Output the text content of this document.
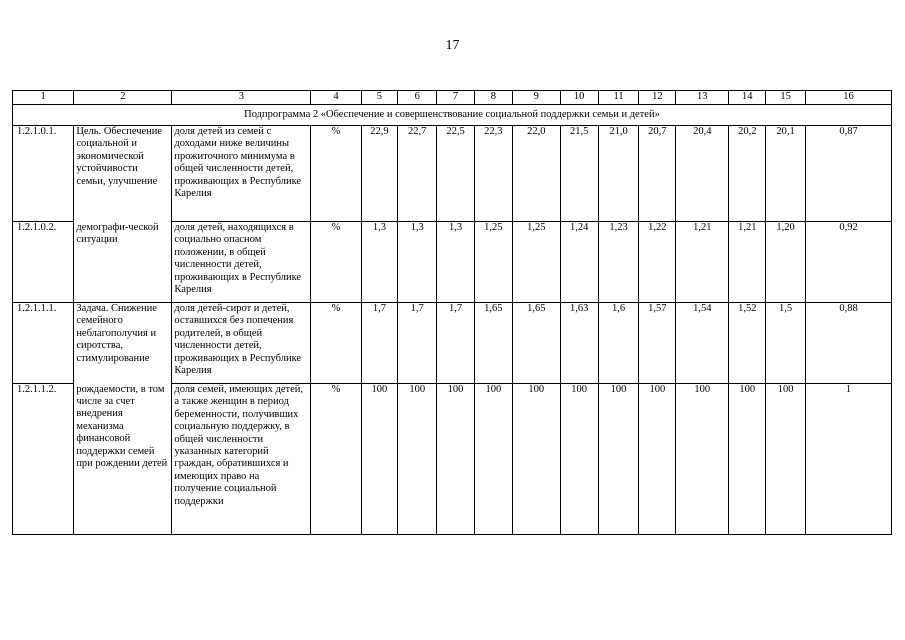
17
1	2	3	4	5	6	7	8	9	10	11	12	13	14	15	16
Подпрограмма 2 «Обеспечение и совершенствование социальной поддержки семьи и детей»															
1.2.1.0.1.	Цель. Обеспечение социальной и экономической устойчивости семьи, улучшение	доля детей из семей с доходами ниже величины прожиточного минимума в общей численности детей, проживающих в Республике Карелия	%	22,9	22,7	22,5	22,3	22,0	21,5	21,0	20,7	20,4	20,2	20,1	0,87
1.2.1.0.2.	демографи-ческой ситуации	доля детей, находящихся в социально опасном положении, в общей численности детей, проживающих в Республике Карелия	%	1,3	1,3	1,3	1,25	1,25	1,24	1,23	1,22	1,21	1,21	1,20	0,92
1.2.1.1.1.	Задача. Снижение семейного неблагополучия и сиротства, стимулирование	доля детей-сирот и детей, оставшихся без попечения родителей, в общей численности детей, проживающих в Республике Карелия	%	1,7	1,7	1,7	1,65	1,65	1,63	1,6	1,57	1,54	1,52	1,5	0,88
1.2.1.1.2.	рождаемости, в том числе за счет внедрения механизма финансовой поддержки семей при рождении детей	доля семей, имеющих детей, а также женщин в период беременности, получивших социальную поддержку, в общей численности указанных категорий граждан, обратившихся и имеющих право на получение социальной поддержки	%	100	100	100	100	100	100	100	100	100	100	100	1
